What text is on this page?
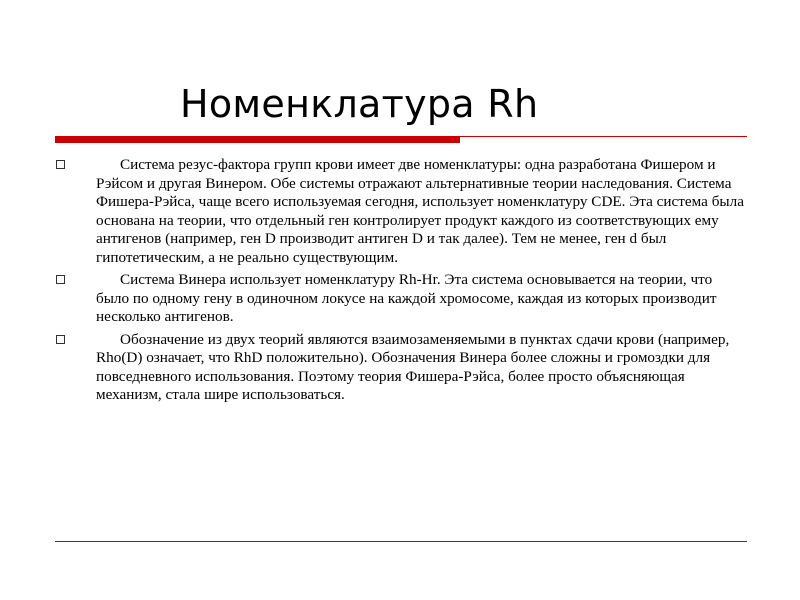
Номенклатура Rh
Система резус-фактора групп крови имеет две номенклатуры: одна разработана Фишером и Рэйсом и другая Винером. Обе системы отражают альтернативные теории наследования. Система Фишера-Рэйса, чаще всего используемая сегодня, использует номенклатуру CDE. Эта система была основана на теории, что отдельный ген контролирует продукт каждого из соответствующих ему антигенов (например, ген D производит антиген D и так далее). Тем не менее, ген d был гипотетическим, а не реально существующим.
Система Винера использует номенклатуру Rh-Hr. Эта система основывается на теории, что было по одному гену в одиночном локусе на каждой хромосоме, каждая из которых производит несколько антигенов.
Обозначение из двух теорий являются взаимозаменяемыми в пунктах сдачи крови (например, Rho(D) означает, что RhD положительно). Обозначения Винера более сложны и громоздки для повседневного использования. Поэтому теория Фишера-Рэйса, более просто объясняющая механизм, стала шире использоваться.
